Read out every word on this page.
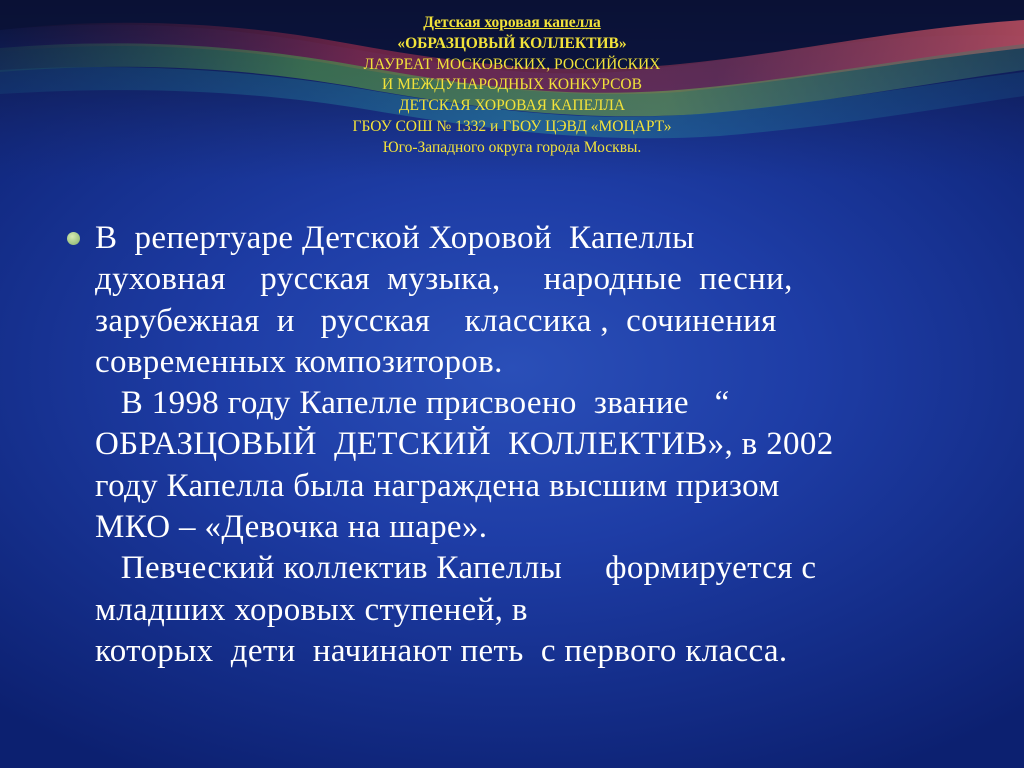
Детская хоровая капелла
«ОБРАЗЦОВЫЙ КОЛЛЕКТИВ»
ЛАУРЕАТ МОСКОВСКИХ, РОССИЙСКИХ
И МЕЖДУНАРОДНЫХ КОНКУРСОВ
ДЕТСКАЯ ХОРОВАЯ КАПЕЛЛА
ГБОУ СОШ № 1332 и ГБОУ ЦЭВД «МОЦАРТ»
Юго-Западного округа города Москвы.
В  репертуаре Детской Хоровой  Капеллы
духовная    русская  музыка,     народные  песни,
зарубежная  и   русская    классика ,  сочинения
современных композиторов.
В 1998 году Капелле присвоено  звание   “
ОБРАЗЦОВЫЙ  ДЕТСКИЙ  КОЛЛЕКТИВ», в 2002
году Капелла была награждена высшим призом
МКО – «Девочка на шаре».
Певческий коллектив Капеллы     формируется с
младших хоровых ступеней, в
которых  дети  начинают петь  с первого класса.
